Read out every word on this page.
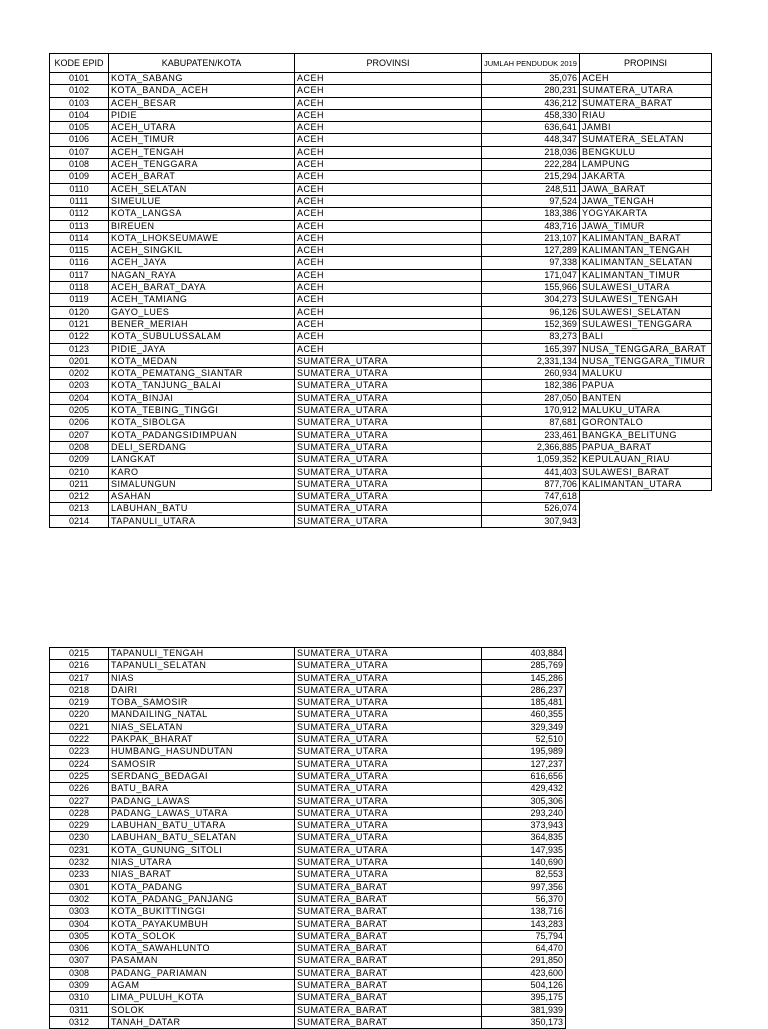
KODE EPID	KABUPATEN/KOTA	PROVINSI	JUMLAH PENDUDUK 2019	PROPINSI
0101	KOTA_SABANG	ACEH	35,076	ACEH
0102	KOTA_BANDA_ACEH	ACEH	280,231	SUMATERA_UTARA
0103	ACEH_BESAR	ACEH	436,212	SUMATERA_BARAT
0104	PIDIE	ACEH	458,330	RIAU
0105	ACEH_UTARA	ACEH	636,641	JAMBI
0106	ACEH_TIMUR	ACEH	448,347	SUMATERA_SELATAN
0107	ACEH_TENGAH	ACEH	218,036	BENGKULU
0108	ACEH_TENGGARA	ACEH	222,284	LAMPUNG
0109	ACEH_BARAT	ACEH	215,294	JAKARTA
0110	ACEH_SELATAN	ACEH	248,511	JAWA_BARAT
0111	SIMEULUE	ACEH	97,524	JAWA_TENGAH
0112	KOTA_LANGSA	ACEH	183,386	YOGYAKARTA
0113	BIREUEN	ACEH	483,716	JAWA_TIMUR
0114	KOTA_LHOKSEUMAWE	ACEH	213,107	KALIMANTAN_BARAT
0115	ACEH_SINGKIL	ACEH	127,289	KALIMANTAN_TENGAH
0116	ACEH_JAYA	ACEH	97,338	KALIMANTAN_SELATAN
0117	NAGAN_RAYA	ACEH	171,047	KALIMANTAN_TIMUR
0118	ACEH_BARAT_DAYA	ACEH	155,966	SULAWESI_UTARA
0119	ACEH_TAMIANG	ACEH	304,273	SULAWESI_TENGAH
0120	GAYO_LUES	ACEH	96,126	SULAWESI_SELATAN
0121	BENER_MERIAH	ACEH	152,369	SULAWESI_TENGGARA
0122	KOTA_SUBULUSSALAM	ACEH	83,273	BALI
0123	PIDIE_JAYA	ACEH	165,397	NUSA_TENGGARA_BARAT
0201	KOTA_MEDAN	SUMATERA_UTARA	2,331,134	NUSA_TENGGARA_TIMUR
0202	KOTA_PEMATANG_SIANTAR	SUMATERA_UTARA	260,934	MALUKU
0203	KOTA_TANJUNG_BALAI	SUMATERA_UTARA	182,386	PAPUA
0204	KOTA_BINJAI	SUMATERA_UTARA	287,050	BANTEN
0205	KOTA_TEBING_TINGGI	SUMATERA_UTARA	170,912	MALUKU_UTARA
0206	KOTA_SIBOLGA	SUMATERA_UTARA	87,681	GORONTALO
0207	KOTA_PADANGSIDIMPUAN	SUMATERA_UTARA	233,461	BANGKA_BELITUNG
0208	DELI_SERDANG	SUMATERA_UTARA	2,366,885	PAPUA_BARAT
0209	LANGKAT	SUMATERA_UTARA	1,059,352	KEPULAUAN_RIAU
0210	KARO	SUMATERA_UTARA	441,403	SULAWESI_BARAT
0211	SIMALUNGUN	SUMATERA_UTARA	877,706	KALIMANTAN_UTARA
0212	ASAHAN	SUMATERA_UTARA	747,618	
0213	LABUHAN_BATU	SUMATERA_UTARA	526,074	
0214	TAPANULI_UTARA	SUMATERA_UTARA	307,943	
0215	TAPANULI_TENGAH	SUMATERA_UTARA	403,884
0216	TAPANULI_SELATAN	SUMATERA_UTARA	285,769
0217	NIAS	SUMATERA_UTARA	145,286
0218	DAIRI	SUMATERA_UTARA	286,237
0219	TOBA_SAMOSIR	SUMATERA_UTARA	185,481
0220	MANDAILING_NATAL	SUMATERA_UTARA	460,355
0221	NIAS_SELATAN	SUMATERA_UTARA	329,349
0222	PAKPAK_BHARAT	SUMATERA_UTARA	52,510
0223	HUMBANG_HASUNDUTAN	SUMATERA_UTARA	195,989
0224	SAMOSIR	SUMATERA_UTARA	127,237
0225	SERDANG_BEDAGAI	SUMATERA_UTARA	616,656
0226	BATU_BARA	SUMATERA_UTARA	429,432
0227	PADANG_LAWAS	SUMATERA_UTARA	305,306
0228	PADANG_LAWAS_UTARA	SUMATERA_UTARA	293,240
0229	LABUHAN_BATU_UTARA	SUMATERA_UTARA	373,943
0230	LABUHAN_BATU_SELATAN	SUMATERA_UTARA	364,835
0231	KOTA_GUNUNG_SITOLI	SUMATERA_UTARA	147,935
0232	NIAS_UTARA	SUMATERA_UTARA	140,690
0233	NIAS_BARAT	SUMATERA_UTARA	82,553
0301	KOTA_PADANG	SUMATERA_BARAT	997,356
0302	KOTA_PADANG_PANJANG	SUMATERA_BARAT	56,370
0303	KOTA_BUKITTINGGI	SUMATERA_BARAT	138,716
0304	KOTA_PAYAKUMBUH	SUMATERA_BARAT	143,283
0305	KOTA_SOLOK	SUMATERA_BARAT	75,794
0306	KOTA_SAWAHLUNTO	SUMATERA_BARAT	64,470
0307	PASAMAN	SUMATERA_BARAT	291,850
0308	PADANG_PARIAMAN	SUMATERA_BARAT	423,600
0309	AGAM	SUMATERA_BARAT	504,126
0310	LIMA_PULUH_KOTA	SUMATERA_BARAT	395,175
0311	SOLOK	SUMATERA_BARAT	381,939
0312	TANAH_DATAR	SUMATERA_BARAT	350,173
